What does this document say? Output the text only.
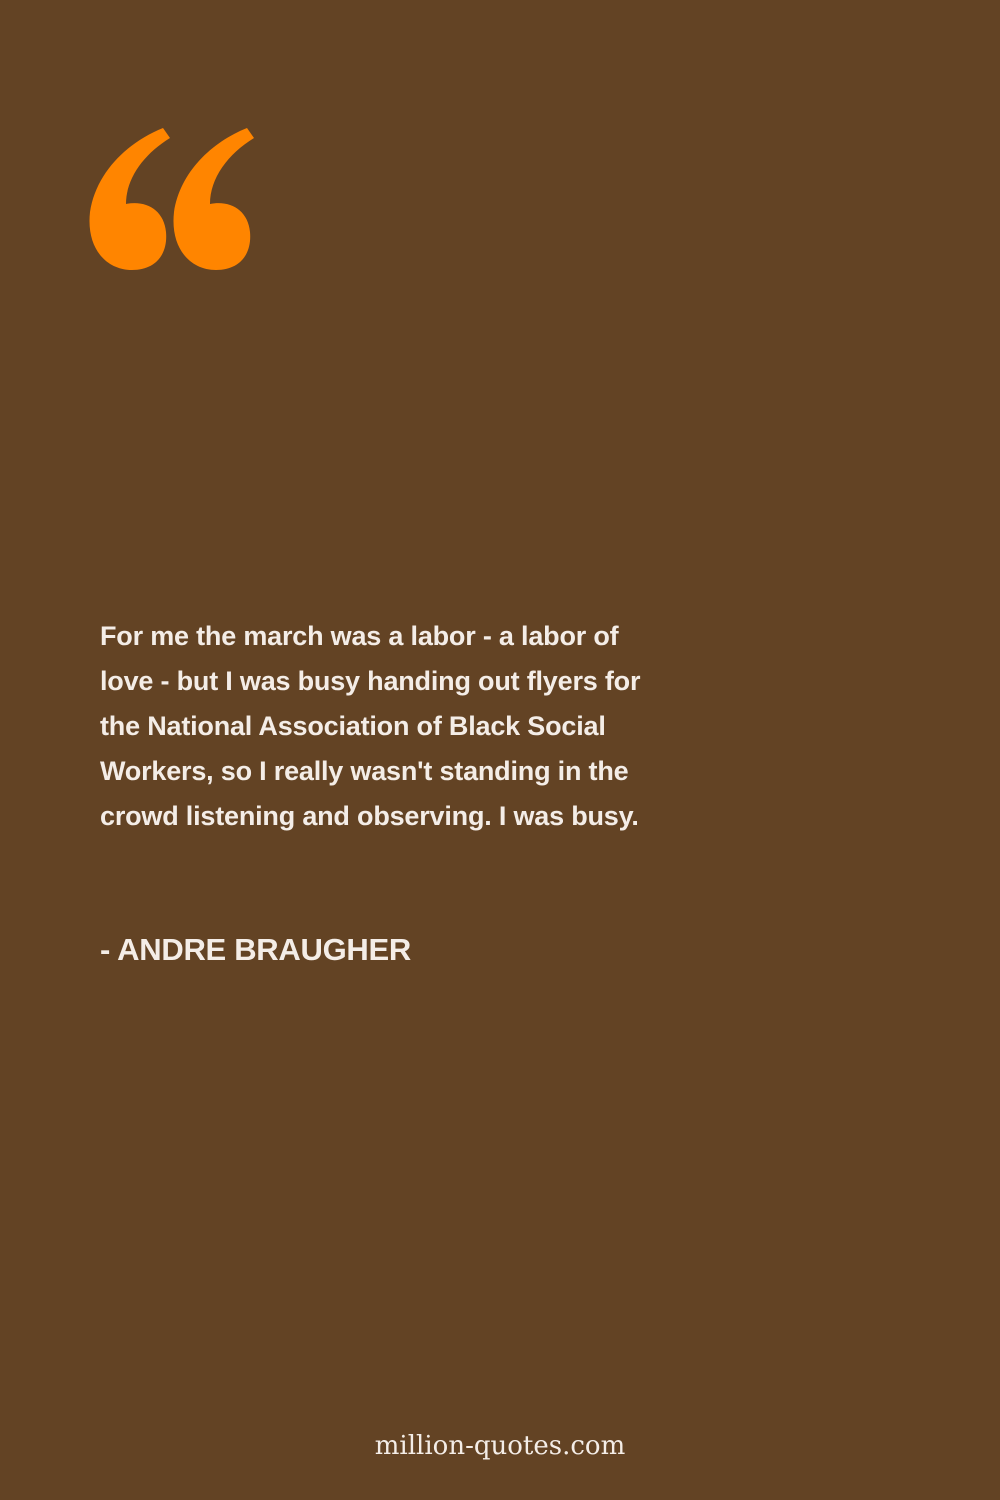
For me the march was a labor - a labor of
love - but I was busy handing out flyers for
the National Association of Black Social
Workers, so I really wasn't standing in the
crowd listening and observing. I was busy.

- ANDRE BRAUGHER

million-quotes.com
